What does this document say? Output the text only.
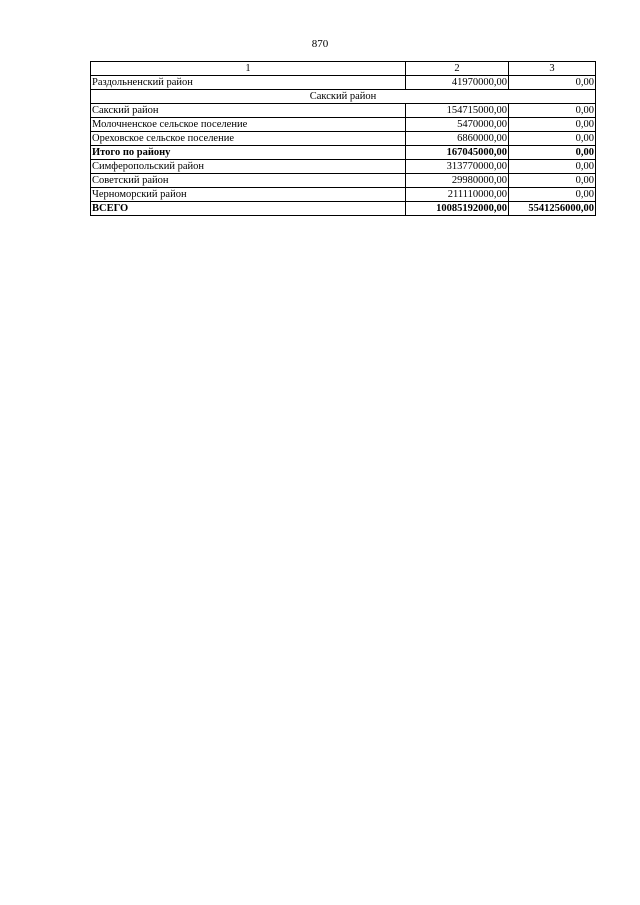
870
1	2	3
Раздольненский район	41970000,00	0,00
Сакский район		
Сакский район	154715000,00	0,00
Молочненское сельское поселение	5470000,00	0,00
Ореховское сельское поселение	6860000,00	0,00
Итого по району	167045000,00	0,00
Симферопольский район	313770000,00	0,00
Советский район	29980000,00	0,00
Черноморский район	211110000,00	0,00
ВСЕГО	10085192000,00	5541256000,00
